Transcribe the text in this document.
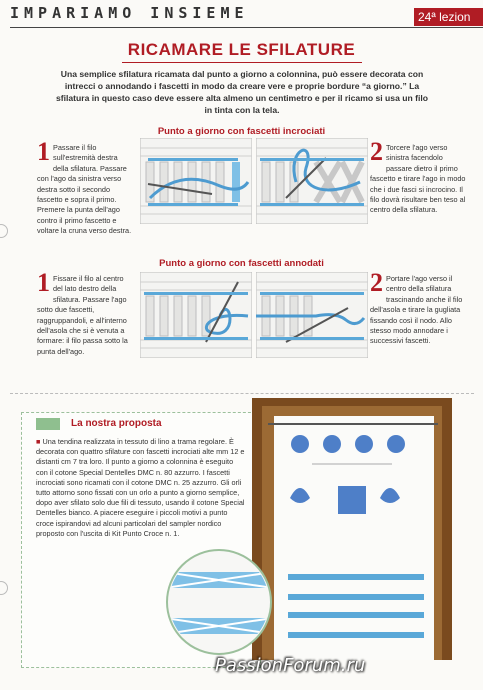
IMPARIAMO INSIEME	24ª lezion
RICAMARE LE SFILATURE
Una semplice sfilatura ricamata dal punto a giorno a colonnina, può essere decorata con intrecci o annodando i fascetti in modo da creare vere e proprie bordure “a giorno.” La sfilatura in questo caso deve essere alta almeno un centimetro e per il ricamo si usa un filo in tinta con la tela.
Punto a giorno con fascetti incrociati
1 Passare il filo sull'estremità destra della sfilatura. Passare con l'ago da sinistra verso destra sotto il secondo fascetto e sopra il primo. Premere la punta dell'ago contro il primo fascetto e voltare la cruna verso destra.
2 Torcere l'ago verso sinistra facendolo passare dietro il primo fascetto e tirare l'ago in modo che i due fasci si incrocino. Il filo dovrà risultare ben teso al centro della sfilatura.
Punto a giorno con fascetti annodati
1 Fissare il filo al centro del lato destro della sfilatura. Passare l'ago sotto due fascetti, raggruppandoli, e all'interno dell'asola che si è venuta a formare: il filo passa sotto la punta dell'ago.
2 Portare l'ago verso il centro della sfilatura trascinando anche il filo dell'asola e tirare la gugliata fissando così il nodo. Allo stesso modo annodare i successivi fascetti.
La nostra proposta
■ Una tendina realizzata in tessuto di lino a trama regolare. È decorata con quattro sfilature con fascetti incrociati alte mm 12 e distanti cm 7 tra loro. Il punto a giorno a colonnina è eseguito con il cotone Special Dentelles DMC n. 80 azzurro. I fascetti incrociati sono ricamati con il cotone DMC n. 25 azzurro. Gli orli tutto attorno sono fissati con un orlo a punto a giorno semplice, dopo aver sfilato solo due fili di tessuto, usando il cotone Special Dentelles bianco. A piacere eseguire i piccoli motivi a punto croce ispirandovi ad alcuni particolari del sampler nordico proposto con l'uscita di Kit Punto Croce n. 1.
PassionForum.ru
